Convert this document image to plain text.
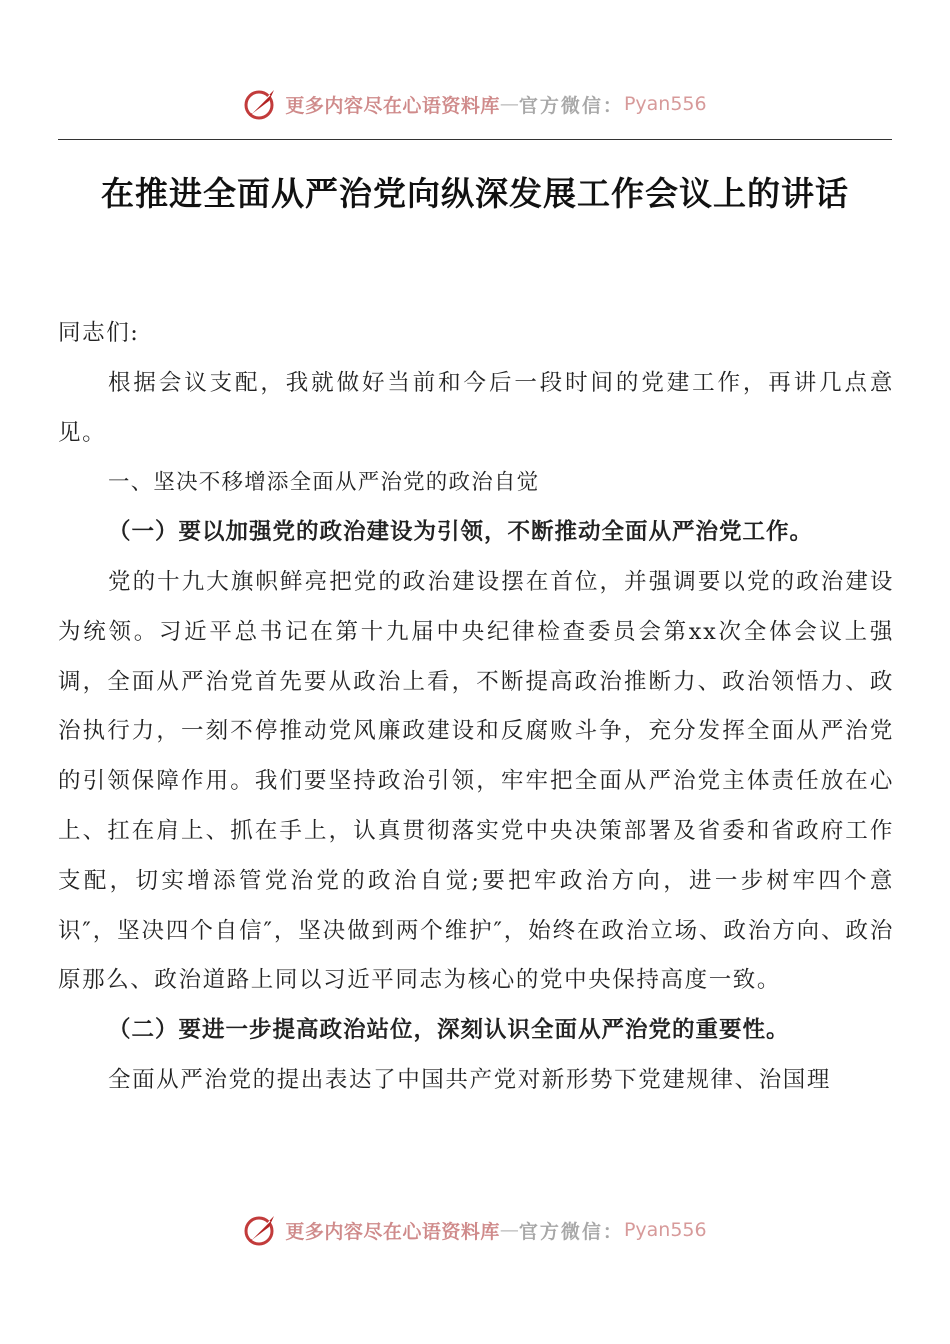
更多内容尽在心语资料库 — 官方微信： Pyan556
在推进全面从严治党向纵深发展工作会议上的讲话

同志们:

根据会议支配，我就做好当前和今后一段时间的党建工作，再讲几点意见。

一、坚决不移增添全面从严治党的政治自觉

（一）要以加强党的政治建设为引领，不断推动全面从严治党工作。

党的十九大旗帜鲜亮把党的政治建设摆在首位，并强调要以党的政治建设为统领。习近平总书记在第十九届中央纪律检查委员会第xx次全体会议上强调，全面从严治党首先要从政治上看，不断提高政治推断力、政治领悟力、政治执行力，一刻不停推动党风廉政建设和反腐败斗争，充分发挥全面从严治党的引领保障作用。我们要坚持政治引领，牢牢把全面从严治党主体责任放在心上、扛在肩上、抓在手上，认真贯彻落实党中央决策部署及省委和省政府工作支配，切实增添管党治党的政治自觉;要把牢政治方向，进一步树牢四个意识″，坚决四个自信″，坚决做到两个维护″，始终在政治立场、政治方向、政治原那么、政治道路上同以习近平同志为核心的党中央保持高度一致。

（二）要进一步提高政治站位，深刻认识全面从严治党的重要性。

全面从严治党的提出表达了中国共产党对新形势下党建规律、治国理

更多内容尽在心语资料库 — 官方微信： Pyan556
